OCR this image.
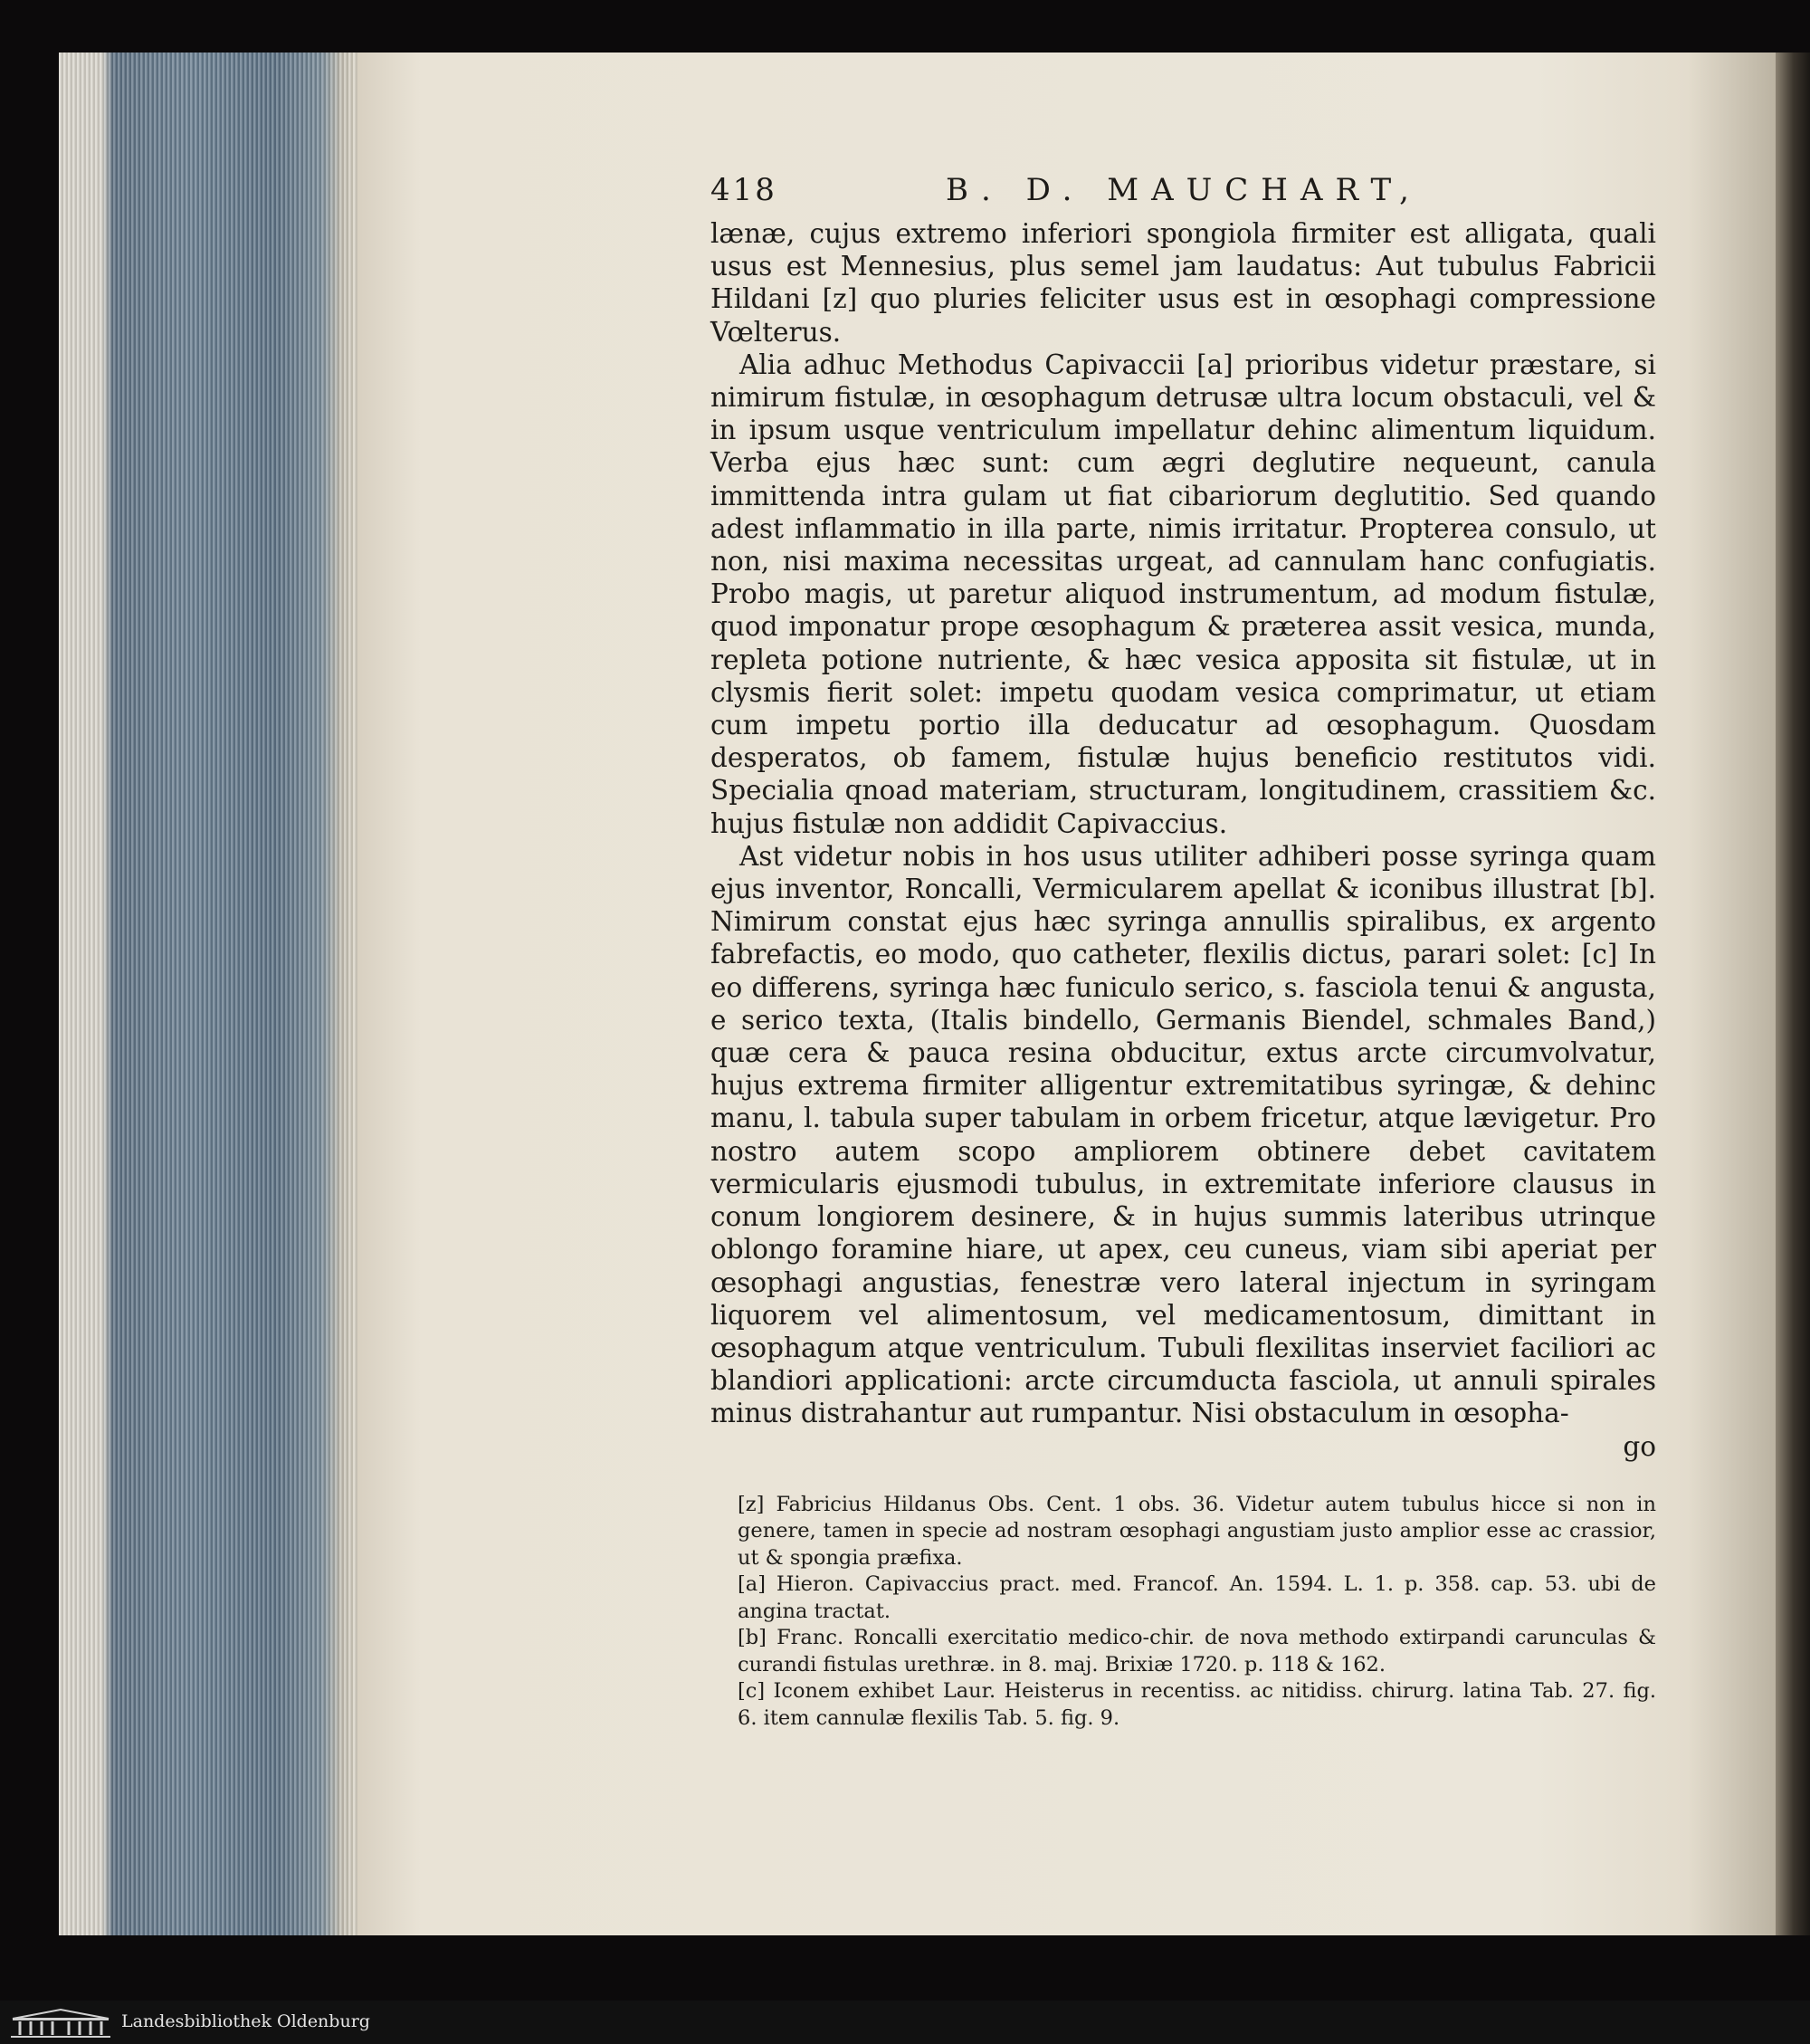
418	B. D. MAUCHART,

lænæ, cujus extremo inferiori spongiola firmiter est alligata, quali usus est Mennesius, plus semel jam laudatus: Aut tubulus Fabricii Hildani [z] quo pluries feliciter usus est in œsophagi compressione Vœlterus.

Alia adhuc Methodus Capivaccii [a] prioribus videtur præstare, si nimirum fistulæ, in œsophagum detrusæ ultra locum obstaculi, vel & in ipsum usque ventriculum impellatur dehinc alimentum liquidum. Verba ejus hæc sunt: cum ægri deglutire nequeunt, canula immittenda intra gulam ut fiat cibariorum deglutitio. Sed quando adest inflammatio in illa parte, nimis irritatur. Propterea consulo, ut non, nisi maxima necessitas urgeat, ad cannulam hanc confugiatis. Probo magis, ut paretur aliquod instrumentum, ad modum fistulæ, quod imponatur prope œsophagum & præterea assit vesica, munda, repleta potione nutriente, & hæc vesica apposita sit fistulæ, ut in clysmis fierit solet: impetu quodam vesica comprimatur, ut etiam cum impetu portio illa deducatur ad œsophagum. Quosdam desperatos, ob famem, fistulæ hujus beneficio restitutos vidi. Specialia qnoad materiam, structuram, longitudinem, crassitiem &c. hujus fistulæ non addidit Capivaccius.

Ast videtur nobis in hos usus utiliter adhiberi posse syringa quam ejus inventor, Roncalli, Vermicularem apellat & iconibus illustrat [b]. Nimirum constat ejus hæc syringa annullis spiralibus, ex argento fabrefactis, eo modo, quo catheter, flexilis dictus, parari solet: [c] In eo differens, syringa hæc funiculo serico, s. fasciola tenui & angusta, e serico texta, (Italis bindello, Germanis Biendel, schmales Band,) quæ cera & pauca resina obducitur, extus arcte circumvolvatur, hujus extrema firmiter alligentur extremitatibus syringæ, & dehinc manu, l. tabula super tabulam in orbem fricetur, atque lævigetur. Pro nostro autem scopo ampliorem obtinere debet cavitatem vermicularis ejusmodi tubulus, in extremitate inferiore clausus in conum longiorem desinere, & in hujus summis lateribus utrinque oblongo foramine hiare, ut apex, ceu cuneus, viam sibi aperiat per œsophagi angustias, fenestræ vero lateral injectum in syringam liquorem vel alimentosum, vel medicamentosum, dimittant in œsophagum atque ventriculum. Tubuli flexilitas inserviet faciliori ac blandiori applicationi: arcte circumducta fasciola, ut annuli spirales minus distrahantur aut rumpantur. Nisi obstaculum in œsopha-

go

[z] Fabricius Hildanus Obs. Cent. 1 obs. 36. Videtur autem tubulus hicce si non in genere, tamen in specie ad nostram œsophagi angustiam justo amplior esse ac crassior, ut & spongia præfixa.

[a] Hieron. Capivaccius pract. med. Francof. An. 1594. L. 1. p. 358. cap. 53. ubi de angina tractat.

[b] Franc. Roncalli exercitatio medico-chir. de nova methodo extirpandi carunculas & curandi fistulas urethræ. in 8. maj. Brixiæ 1720. p. 118 & 162.

[c] Iconem exhibet Laur. Heisterus in recentiss. ac nitidiss. chirurg. latina Tab. 27. fig. 6. item cannulæ flexilis Tab. 5. fig. 9.

Landesbibliothek Oldenburg
